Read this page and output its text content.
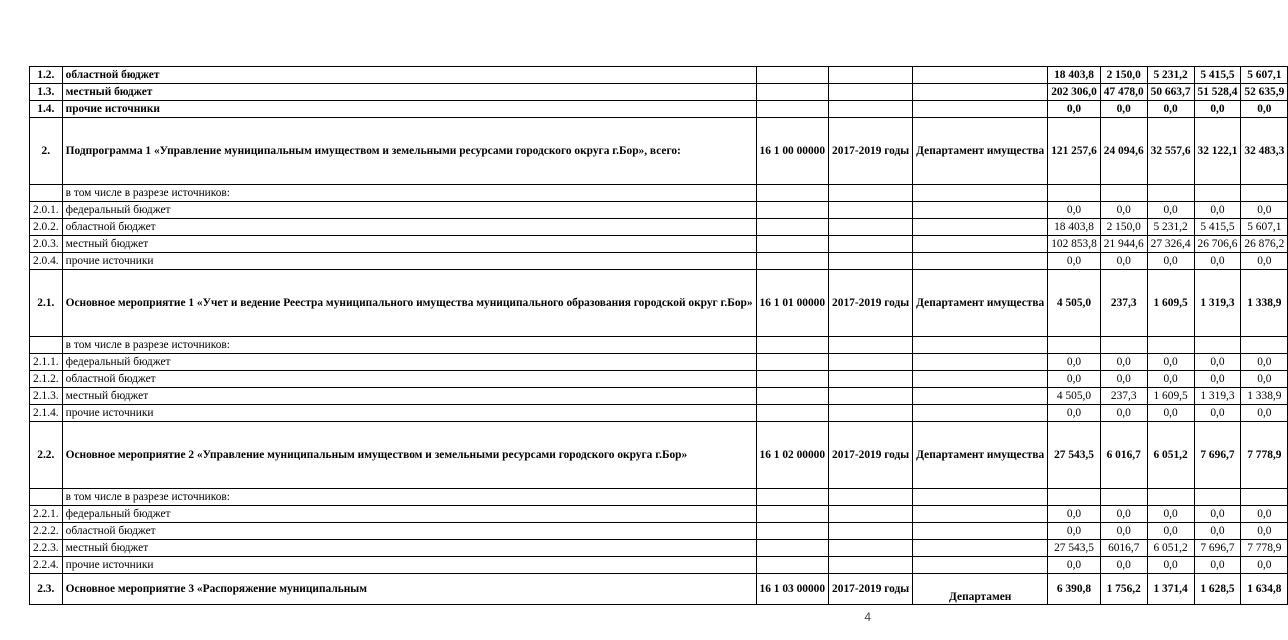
1.2.	областной бюджет				18 403,8	2 150,0	5 231,2	5 415,5	5 607,1
1.3.	местный бюджет				202 306,0	47 478,0	50 663,7	51 528,4	52 635,9
1.4.	прочие источники				0,0	0,0	0,0	0,0	0,0
2.	Подпрограмма 1 «Управление муниципальным имуществом и земельными ресурсами городского округа г.Бор», всего:	16 1 00 00000	2017-2019 годы	Департамент имущества	121 257,6	24 094,6	32 557,6	32 122,1	32 483,3
	в том числе в разрезе источников:								
2.0.1.	федеральный бюджет				0,0	0,0	0,0	0,0	0,0
2.0.2.	областной бюджет				18 403,8	2 150,0	5 231,2	5 415,5	5 607,1
2.0.3.	местный бюджет				102 853,8	21 944,6	27 326,4	26 706,6	26 876,2
2.0.4.	прочие источники				0,0	0,0	0,0	0,0	0,0
2.1.	Основное мероприятие 1 «Учет и ведение Реестра муниципального имущества муниципального образования городской округ г.Бор»	16 1 01 00000	2017-2019 годы	Департамент имущества	4 505,0	237,3	1 609,5	1 319,3	1 338,9
	в том числе в разрезе источников:								
2.1.1.	федеральный бюджет				0,0	0,0	0,0	0,0	0,0
2.1.2.	областной бюджет				0,0	0,0	0,0	0,0	0,0
2.1.3.	местный бюджет				4 505,0	237,3	1 609,5	1 319,3	1 338,9
2.1.4.	прочие источники				0,0	0,0	0,0	0,0	0,0
2.2.	Основное мероприятие 2 «Управление муниципальным имуществом и земельными ресурсами городского округа г.Бор»	16 1 02 00000	2017-2019 годы	Департамент имущества	27 543,5	6 016,7	6 051,2	7 696,7	7 778,9
	в том числе в разрезе источников:								
2.2.1.	федеральный бюджет				0,0	0,0	0,0	0,0	0,0
2.2.2.	областной бюджет				0,0	0,0	0,0	0,0	0,0
2.2.3.	местный бюджет				27 543,5	6016,7	6 051,2	7 696,7	7 778,9
2.2.4.	прочие источники				0,0	0,0	0,0	0,0	0,0
2.3.	Основное мероприятие 3 «Распоряжение муниципальным	16 1 03 00000	2017-2019 годы	Департамен	6 390,8	1 756,2	1 371,4	1 628,5	1 634,8
4
